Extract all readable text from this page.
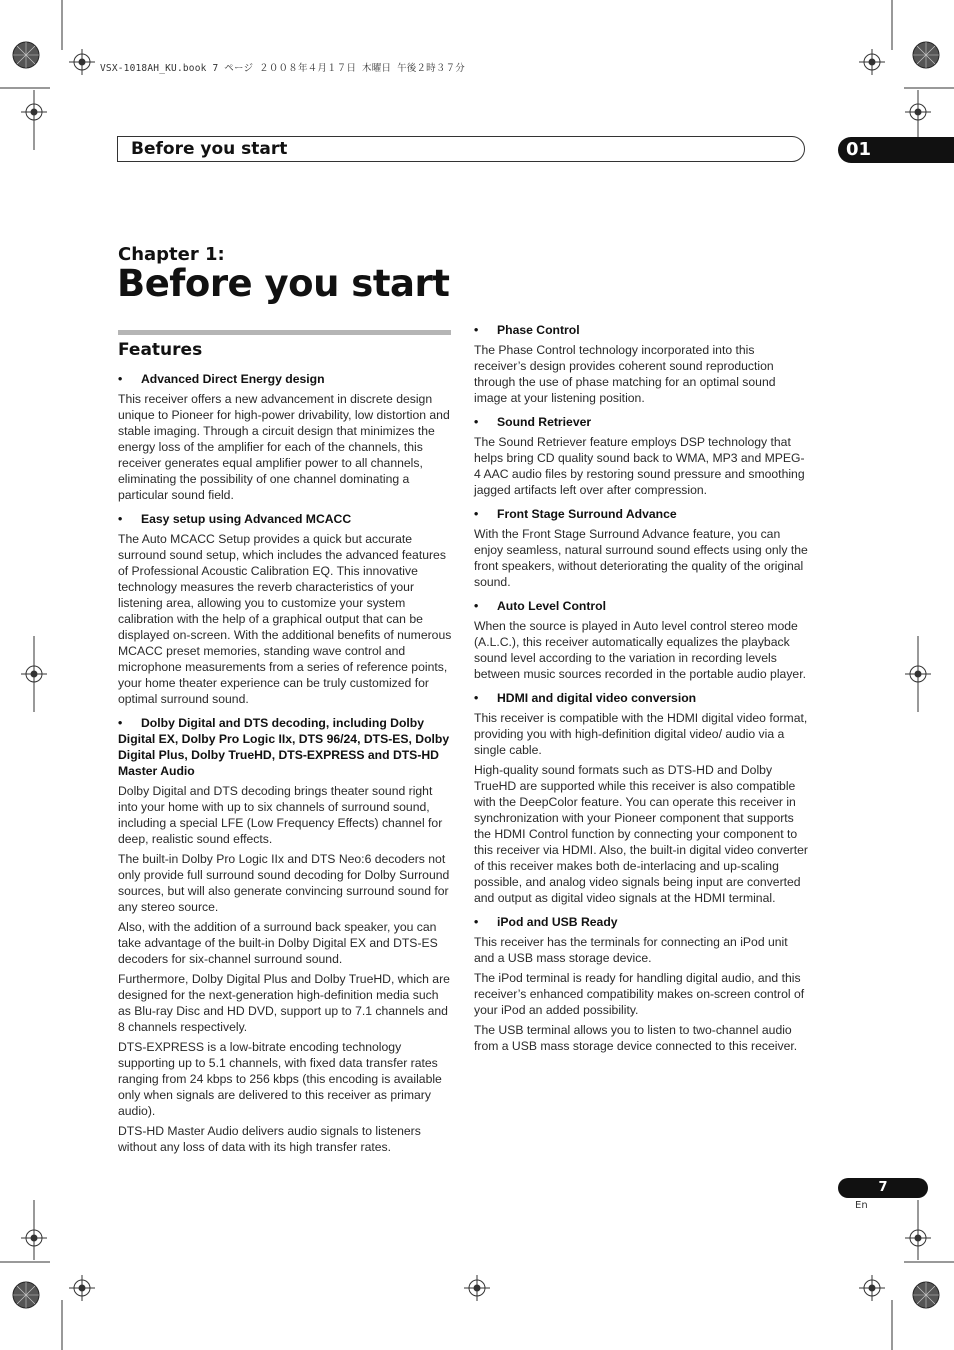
VSX-1018AH_KU.book 7 ページ ２００８年４月１７日 木曜日 午後２時３７分
Before you start	01
Chapter 1:
Before you start
Features

• Advanced Direct Energy design

This receiver offers a new advancement in discrete design unique to Pioneer for high-power drivability, low distortion and stable imaging. Through a circuit design that minimizes the energy loss of the amplifier for each of the channels, this receiver generates equal amplifier power to all channels, eliminating the possibility of one channel dominating a particular sound field.

• Easy setup using Advanced MCACC

The Auto MCACC Setup provides a quick but accurate surround sound setup, which includes the advanced features of Professional Acoustic Calibration EQ. This innovative technology measures the reverb characteristics of your listening area, allowing you to customize your system calibration with the help of a graphical output that can be displayed on-screen. With the additional benefits of numerous MCACC preset memories, standing wave control and microphone measurements from a series of reference points, your home theater experience can be truly customized for optimal surround sound.

• Dolby Digital and DTS decoding, including Dolby Digital EX, Dolby Pro Logic IIx, DTS 96/24, DTS-ES, Dolby Digital Plus, Dolby TrueHD, DTS-EXPRESS and DTS-HD Master Audio

Dolby Digital and DTS decoding brings theater sound right into your home with up to six channels of surround sound, including a special LFE (Low Frequency Effects) channel for deep, realistic sound effects.

The built-in Dolby Pro Logic IIx and DTS Neo:6 decoders not only provide full surround sound decoding for Dolby Surround sources, but will also generate convincing surround sound for any stereo source.

Also, with the addition of a surround back speaker, you can take advantage of the built-in Dolby Digital EX and DTS-ES decoders for six-channel surround sound.

Furthermore, Dolby Digital Plus and Dolby TrueHD, which are designed for the next-generation high-definition media such as Blu-ray Disc and HD DVD, support up to 7.1 channels and 8 channels respectively.

DTS-EXPRESS is a low-bitrate encoding technology supporting up to 5.1 channels, with fixed data transfer rates ranging from 24 kbps to 256 kbps (this encoding is available only when signals are delivered to this receiver as primary audio).

DTS-HD Master Audio delivers audio signals to listeners without any loss of data with its high transfer rates.

• Phase Control

The Phase Control technology incorporated into this receiver’s design provides coherent sound reproduction through the use of phase matching for an optimal sound image at your listening position.

• Sound Retriever

The Sound Retriever feature employs DSP technology that helps bring CD quality sound back to WMA, MP3 and MPEG-4 AAC audio files by restoring sound pressure and smoothing jagged artifacts left over after compression.

• Front Stage Surround Advance

With the Front Stage Surround Advance feature, you can enjoy seamless, natural surround sound effects using only the front speakers, without deteriorating the quality of the original sound.

• Auto Level Control

When the source is played in Auto level control stereo mode (A.L.C.), this receiver automatically equalizes the playback sound level according to the variation in recording levels between music sources recorded in the portable audio player.

• HDMI and digital video conversion

This receiver is compatible with the HDMI digital video format, providing you with high-definition digital video/ audio via a single cable.

High-quality sound formats such as DTS-HD and Dolby TrueHD are supported while this receiver is also compatible with the DeepColor feature. You can operate this receiver in synchronization with your Pioneer component that supports the HDMI Control function by connecting your component to this receiver via HDMI. Also, the built-in digital video converter of this receiver makes both de-interlacing and up-scaling possible, and analog video signals being input are converted and output as digital video signals at the HDMI terminal.

• iPod and USB Ready

This receiver has the terminals for connecting an iPod unit and a USB mass storage device.

The iPod terminal is ready for handling digital audio, and this receiver’s enhanced compatibility makes on-screen control of your iPod an added possibility.

The USB terminal allows you to listen to two-channel audio from a USB mass storage device connected to this receiver.

7
En
